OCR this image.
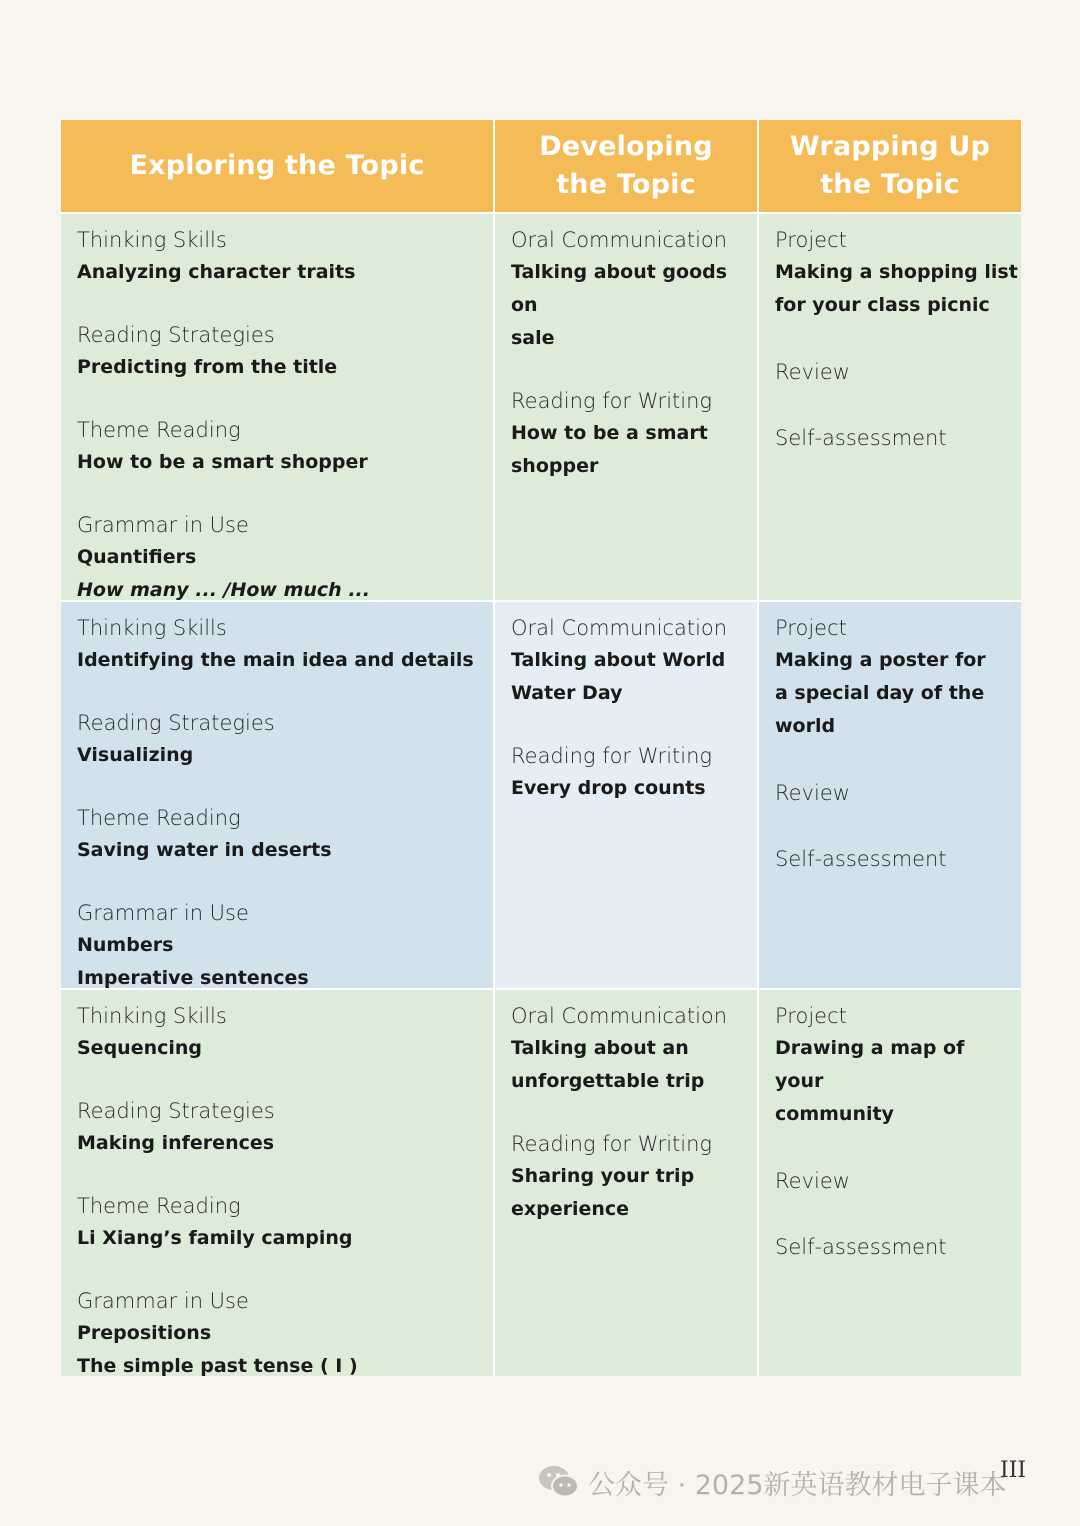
Exploring the Topic
Developing
the Topic
Wrapping Up
the Topic
Thinking Skills
Analyzing character traits
Reading Strategies
Predicting from the title
Theme Reading
How to be a smart shopper
Grammar in Use
Quantifiers
How many ... /How much ...
Oral Communication
Talking about goods on
sale
Reading for Writing
How to be a smart
shopper
Project
Making a shopping list
for your class picnic
Review
Self-assessment
Thinking Skills
Identifying the main idea and details
Reading Strategies
Visualizing
Theme Reading
Saving water in deserts
Grammar in Use
Numbers
Imperative sentences
Oral Communication
Talking about World
Water Day
Reading for Writing
Every drop counts
Project
Making a poster for
a special day of the
world
Review
Self-assessment
Thinking Skills
Sequencing
Reading Strategies
Making inferences
Theme Reading
Li Xiang’s family camping
Grammar in Use
Prepositions
The simple past tense ( Ⅰ )
Oral Communication
Talking about an
unforgettable trip
Reading for Writing
Sharing your trip
experience
Project
Drawing a map of your
community
Review
Self-assessment
公众号 · 2025新英语教材电子课本
III
